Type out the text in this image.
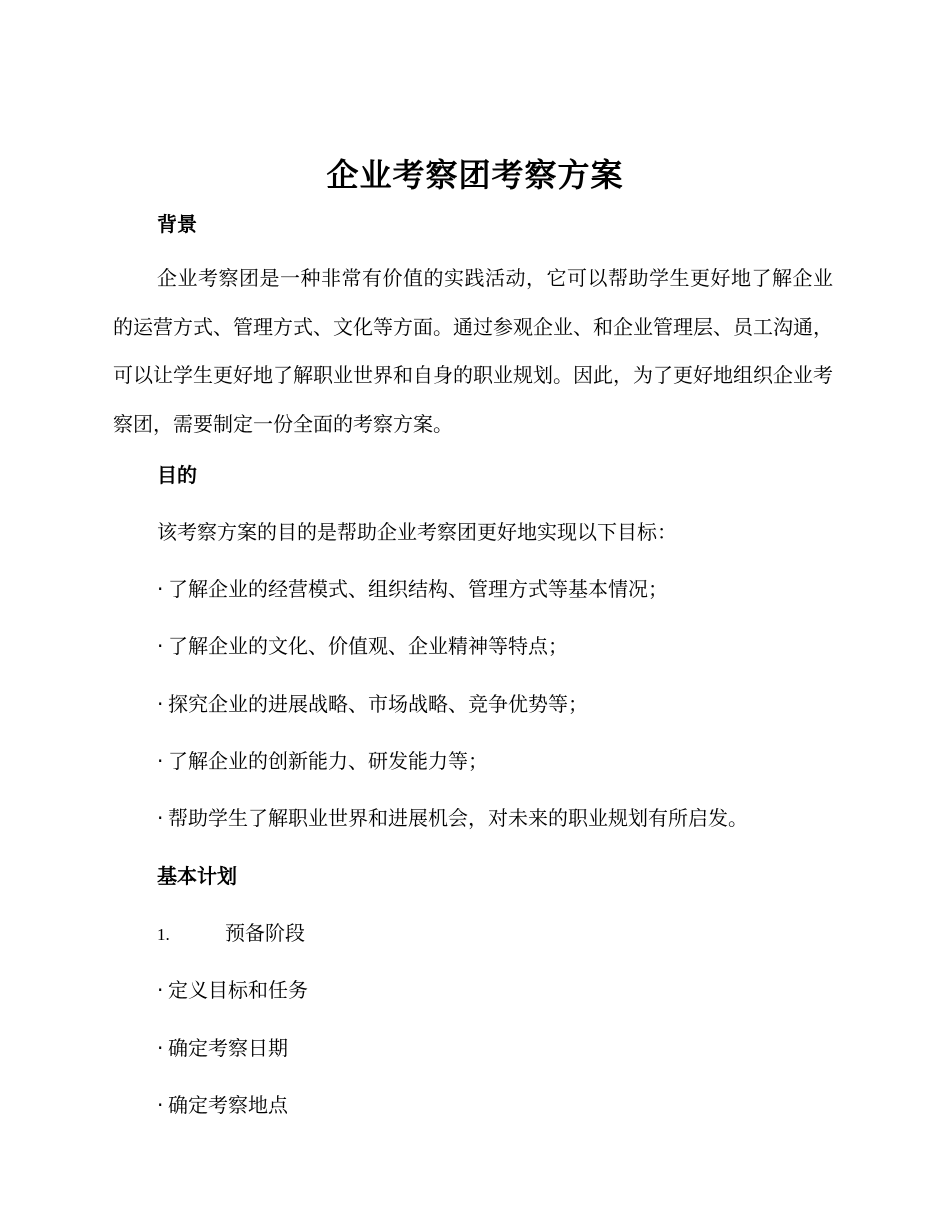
企业考察团考察方案
背景
企业考察团是一种非常有价值的实践活动，它可以帮助学生更好地了解企业的运营方式、管理方式、文化等方面。通过参观企业、和企业管理层、员工沟通，可以让学生更好地了解职业世界和自身的职业规划。因此，为了更好地组织企业考察团，需要制定一份全面的考察方案。
目的
该考察方案的目的是帮助企业考察团更好地实现以下目标：
· 了解企业的经营模式、组织结构、管理方式等基本情况；
· 了解企业的文化、价值观、企业精神等特点；
· 探究企业的进展战略、市场战略、竞争优势等；
· 了解企业的创新能力、研发能力等；
· 帮助学生了解职业世界和进展机会，对未来的职业规划有所启发。
基本计划
1.	预备阶段
· 定义目标和任务
· 确定考察日期
· 确定考察地点
